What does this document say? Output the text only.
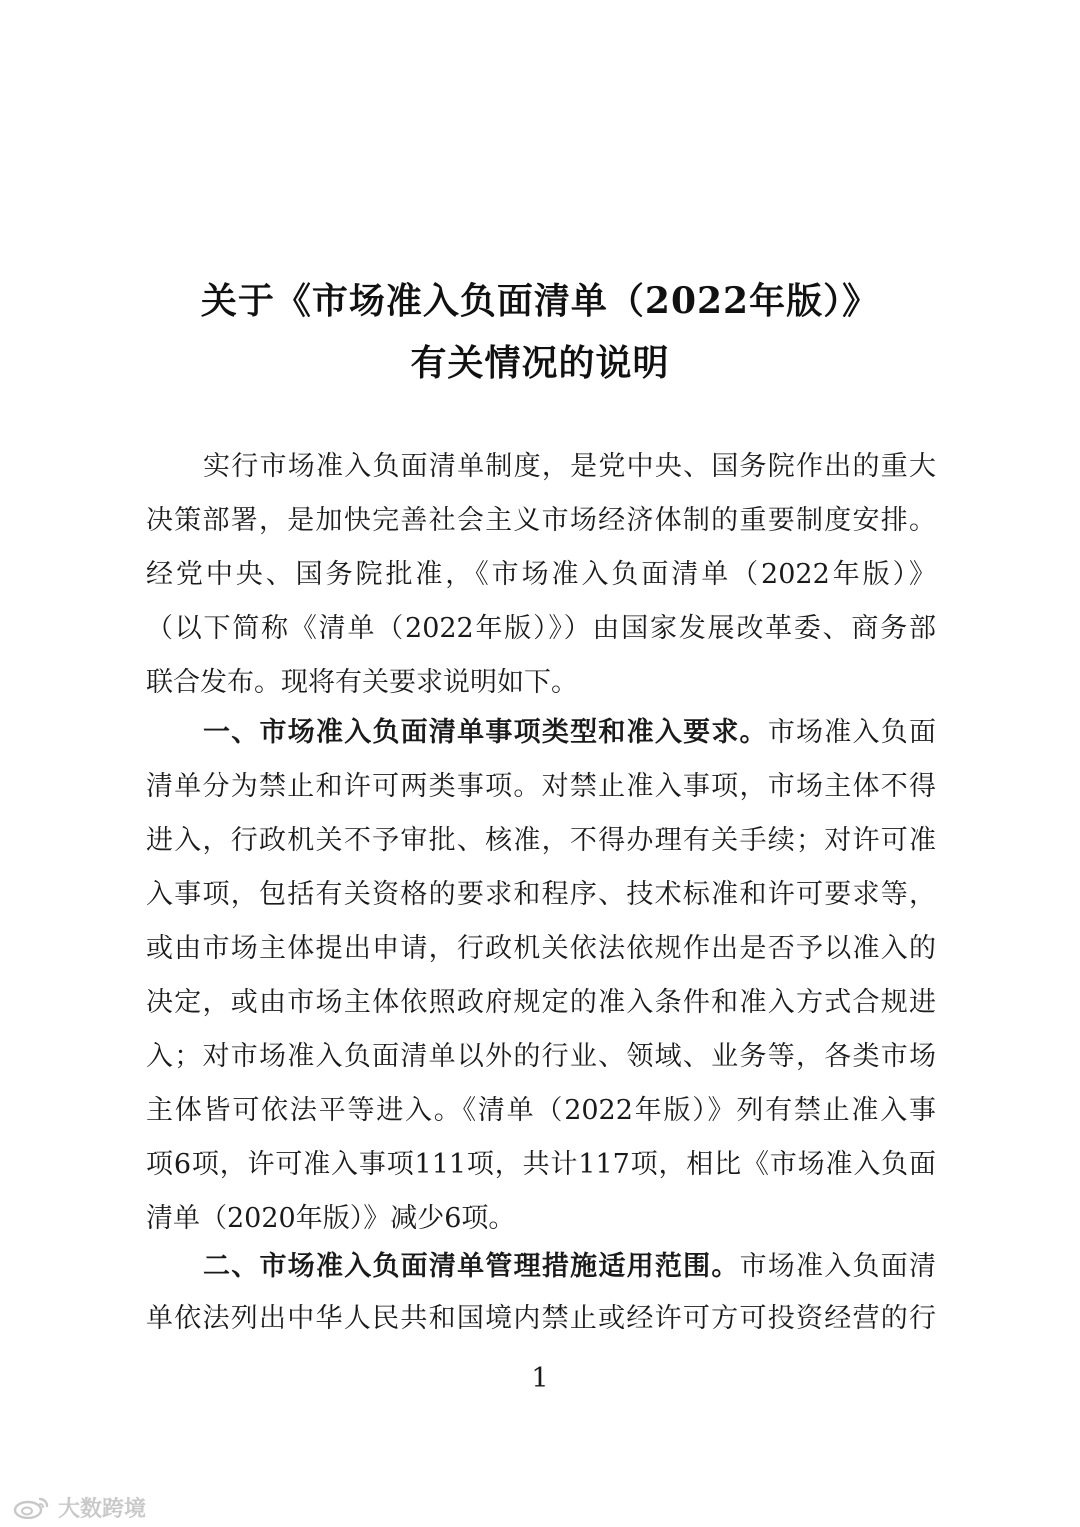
关于《市场准入负面清单（2022年版）》
有关情况的说明
实行市场准入负面清单制度，是党中央、国务院作出的重大
决策部署，是加快完善社会主义市场经济体制的重要制度安排。
经党中央、国务院批准，《市场准入负面清单（2022年版）》
（以下简称《清单（2022年版）》）由国家发展改革委、商务部
联合发布。现将有关要求说明如下。
一、市场准入负面清单事项类型和准入要求。市场准入负面
清单分为禁止和许可两类事项。对禁止准入事项，市场主体不得
进入，行政机关不予审批、核准，不得办理有关手续；对许可准
入事项，包括有关资格的要求和程序、技术标准和许可要求等，
或由市场主体提出申请，行政机关依法依规作出是否予以准入的
决定，或由市场主体依照政府规定的准入条件和准入方式合规进
入；对市场准入负面清单以外的行业、领域、业务等，各类市场
主体皆可依法平等进入。《清单（2022年版）》列有禁止准入事
项6项，许可准入事项111项，共计117项，相比《市场准入负面
清单（2020年版）》减少6项。
二、市场准入负面清单管理措施适用范围。市场准入负面清
单依法列出中华人民共和国境内禁止或经许可方可投资经营的行
1
大数跨境
